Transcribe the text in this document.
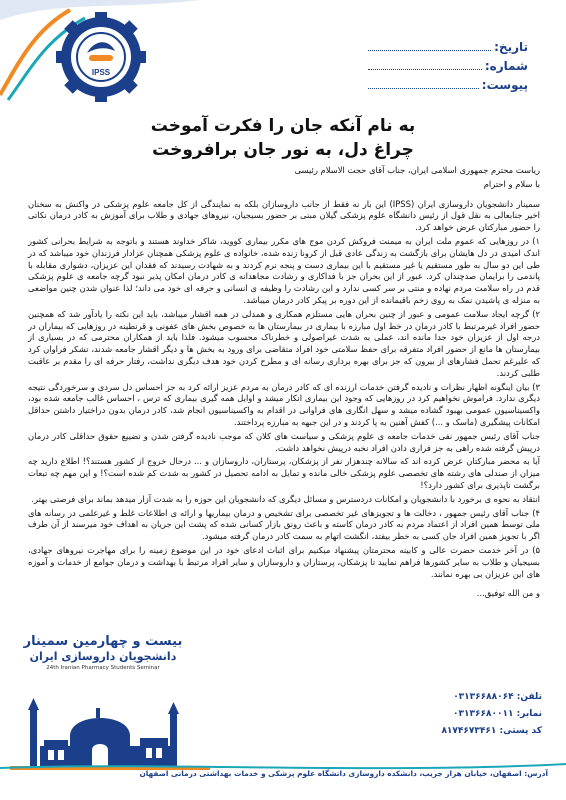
IPSS
تاریخ:
شماره:
پیوست:
به نام آنکه جان را فکرت آموخت
چراغ دل، به نور جان برافروخت

ریاست محترم جمهوری اسلامی ایران، جناب آقای حجت الاسلام رئیسی

با سلام و احترام

سمینار دانشجویان داروسازی ایران (IPSS) این بار نه فقط از جانب داروسازان بلکه به نمایندگی از کل جامعه علوم پزشکی در واکنش به سخنان اخیر جنابعالی به نقل قول از رئیس دانشگاه علوم پزشکی گیلان مبنی بر حضور بسیجیان، نیروهای جهادی و طلاب برای آموزش به کادر درمان نکاتی را حضور مبارکتان عرض خواهد کرد.

۱) در روزهایی که عموم ملت ایران به میمنت فروکش کردن موج های مکرر بیماری کووید، شاکر خداوند هستند و باتوجه به شرایط بحرانی کشور اندک امیدی در دل هایشان برای بازگشت به زندگی عادی قبل از کرونا زنده شده، خانواده ی علوم پزشکی همچنان عزادار فرزندان خود میباشد که در طی این دو سال به طور مستقیم یا غیر مستقیم با این بیماری دست و پنجه نرم کردند و به شهادت رسیدند که فقدان این عزیزان، دشواری مقابله با پاندمی را برایمان صدچندان کرد. عبور از این بحران جز با فداکاری و رشادت مجاهدانه ی کادر درمان امکان پذیر نبود گرچه جامعه ی علوم پزشکی قدم در راه سلامت مردم نهاده و منتی بر سر کسی ندارد و این رشادت را وظیفه ی انسانی و حرفه ای خود می داند؛ لذا عنوان شدن چنین مواضعی به منزله ی پاشیدن نمک به روی زخم باقیمانده از این دوره بر پیکر کادر درمان میباشد.

۲) گرچه ایجاد سلامت عمومی و عبور از چنین بحران هایی مستلزم همکاری و همدلی در همه اقشار میباشد، باید این نکته را یادآور شد که همچنین حضور افراد غیرمرتبط با کادر درمان در خط اول مبارزه با بیماری در بیمارستان ها به خصوص بخش های عفونی و قرنطینه در روزهایی که بیماران در درجه اول از عزیزان خود جدا مانده اند، عملی به شدت غیراصولی و خطرناک محسوب میشود. فلذا باید از همکاران محترمی که در بسیاری از بیمارستان ها مانع از حضور افراد متفرقه برای حفظ سلامتی خود افراد متقاضی برای ورود به بخش ها و دیگر اقشار جامعه شدند، تشکر فراوان کرد که علیرغم تحمل فشارهای از بیرون که جز برای بهره برداری رسانه ای و مطرح کردن خود هدف دیگری نداشت، رفتار حرفه ای را مقدم بر عاقبت طلبی کردند.

۳) بیان اینگونه اظهار نظرات و نادیده گرفتن خدمات ارزنده ای که کادر درمان به مردم عزیز ارائه کرد به جز احساس دل سردی و سرخوردگی نتیجه دیگری ندارد. فراموش نخواهیم کرد در روزهایی که وجود این بیماری انکار میشد و اوایل همه گیری بیماری که ترس ، احساس غالب جامعه شده بود، واکسیناسیون عمومی بهبود گشاده میشد و سهل انگاری های فراوانی در اقدام به واکسیناسیون انجام شد، کادر درمان بدون دراختیار داشتن حداقل امکانات پیشگیری (ماسک و ...) کفش آهنین به پا کردند و در این جبهه به مبارزه پرداختند.

جناب آقای رئیس جمهور نفی خدمات جامعه ی علوم پزشکی و سیاست های کلان که موجب نادیده گرفتن شدن و تضییع حقوق حداقلی کادر درمان درپیش گرفته شده راهی به جز فراری دادن افراد نخبه درپیش نخواهد داشت.

آیا به محضر مبارکتان عرض کرده اند که سالانه چندهزار نفر از پزشکان، پرستاران، داروسازان و ... درحال خروج از کشور هستند؟! اطلاع دارید چه میزان از صندلی های رشته های تخصصی علوم پزشکی خالی مانده و تمایل به ادامه تحصیل در کشور به شدت کم شده است؟! و این مهم چه تبعات برگشت ناپذیری برای کشور دارد؟!

انتقاد به نحوه ی برخورد با دانشجویان و امکانات دردسترس و مسائل دیگری که دانشجویان این حوزه را به شدت آزار میدهد بماند برای فرصتی بهتر.

۴) جناب آقای رئیس جمهور ، دخالت ها و تجویزهای غیر تخصصی برای تشخیص و درمان بیماریها و ارائه ی اطلاعات غلط و غیرعلمی در رسانه های ملی توسط همین افراد از اعتماد مردم به کادر درمان کاسته و باعث رونق بازار کسانی شده که پشت این جریان به اهداف خود میرسند از آن طرف اگر با تجویز همین افراد جان کسی به خطر بیفتد، انگشت اتهام به سمت کادر درمان گرفته میشود.

۵) در آخر خدمت حضرت عالی و کابینه محترمتان پیشنهاد میکنیم برای اثبات ادعای خود در این موضوع زمینه را برای مهاجرت نیروهای جهادی، بسیجیان و طلاب به سایر کشورها فراهم نمایید تا پزشکان، پرستاران و داروسازان و سایر افراد مرتبط با بهداشت و درمان جوامع از خدمات و آموزه های این عزیزان بی بهره نمانند.

و من الله توفیق...

بیست و چهارمین سمینار
دانشجویان داروسازی ایران
24th Iranian Pharmacy Students Seminar
تلفن: ۰۳۱۳۶۶۸۸۰۶۴
نمابر: ۰۳۱۳۶۶۸۰۰۱۱
کد پستی: ۸۱۷۴۶۷۳۴۶۱
آدرس: اصفهان، خیابان هزار جریب، دانشکده داروسازی دانشگاه علوم پزشکی و خدمات بهداشتی درمانی اصفهان
